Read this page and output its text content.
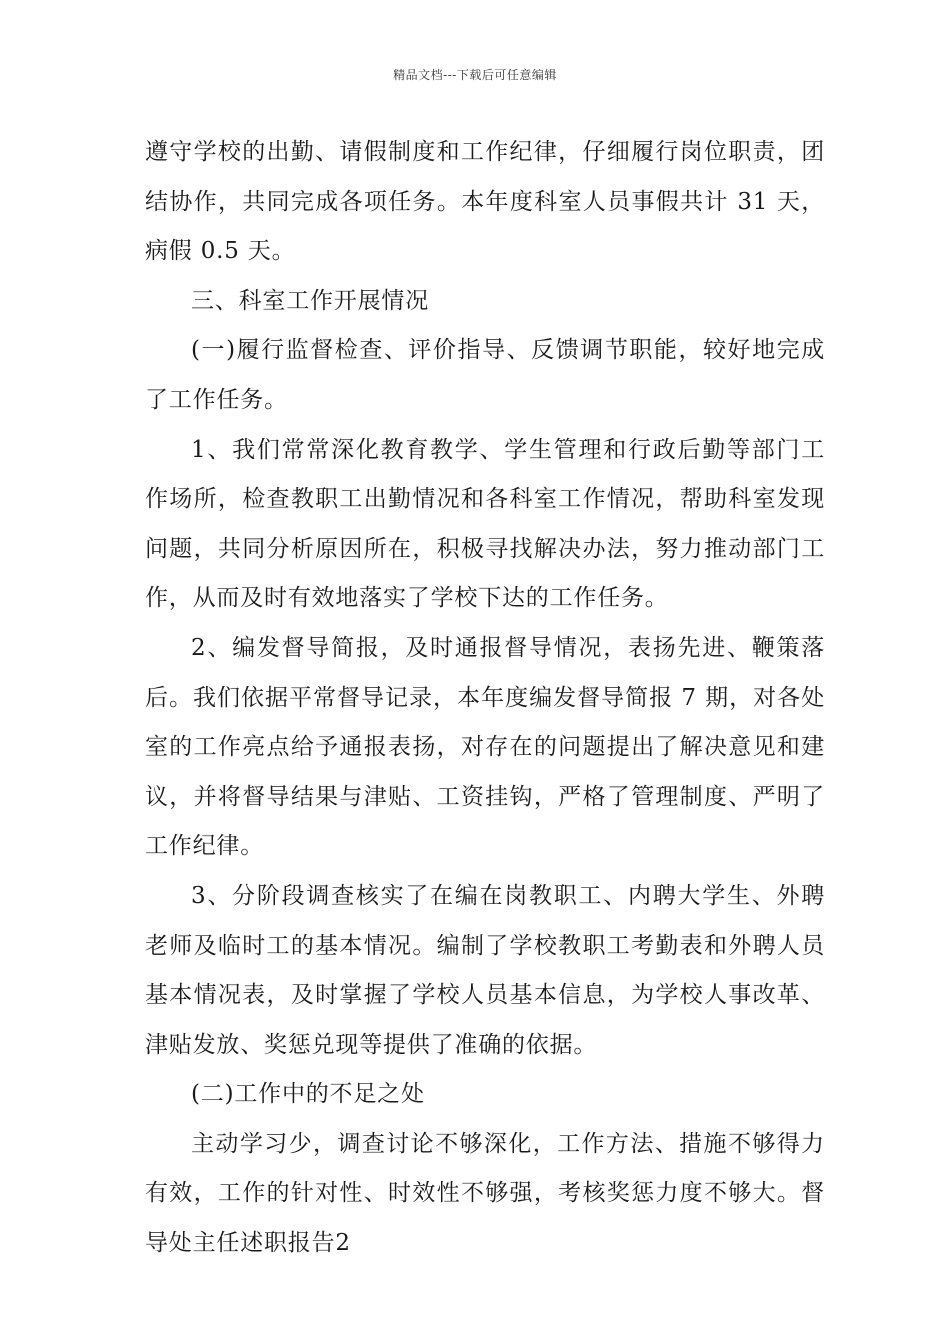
精品文档---下载后可任意编辑

遵守学校的出勤、请假制度和工作纪律，仔细履行岗位职责，团结协作，共同完成各项任务。本年度科室人员事假共计 31 天，病假 0.5 天。

三、科室工作开展情况

(一)履行监督检查、评价指导、反馈调节职能，较好地完成了工作任务。

1、我们常常深化教育教学、学生管理和行政后勤等部门工作场所，检查教职工出勤情况和各科室工作情况，帮助科室发现问题，共同分析原因所在，积极寻找解决办法，努力推动部门工作，从而及时有效地落实了学校下达的工作任务。

2、编发督导简报，及时通报督导情况，表扬先进、鞭策落后。我们依据平常督导记录，本年度编发督导简报 7 期，对各处室的工作亮点给予通报表扬，对存在的问题提出了解决意见和建议，并将督导结果与津贴、工资挂钩，严格了管理制度、严明了工作纪律。

3、分阶段调查核实了在编在岗教职工、内聘大学生、外聘老师及临时工的基本情况。编制了学校教职工考勤表和外聘人员基本情况表，及时掌握了学校人员基本信息，为学校人事改革、津贴发放、奖惩兑现等提供了准确的依据。

(二)工作中的不足之处

主动学习少，调查讨论不够深化，工作方法、措施不够得力有效，工作的针对性、时效性不够强，考核奖惩力度不够大。督导处主任述职报告2
